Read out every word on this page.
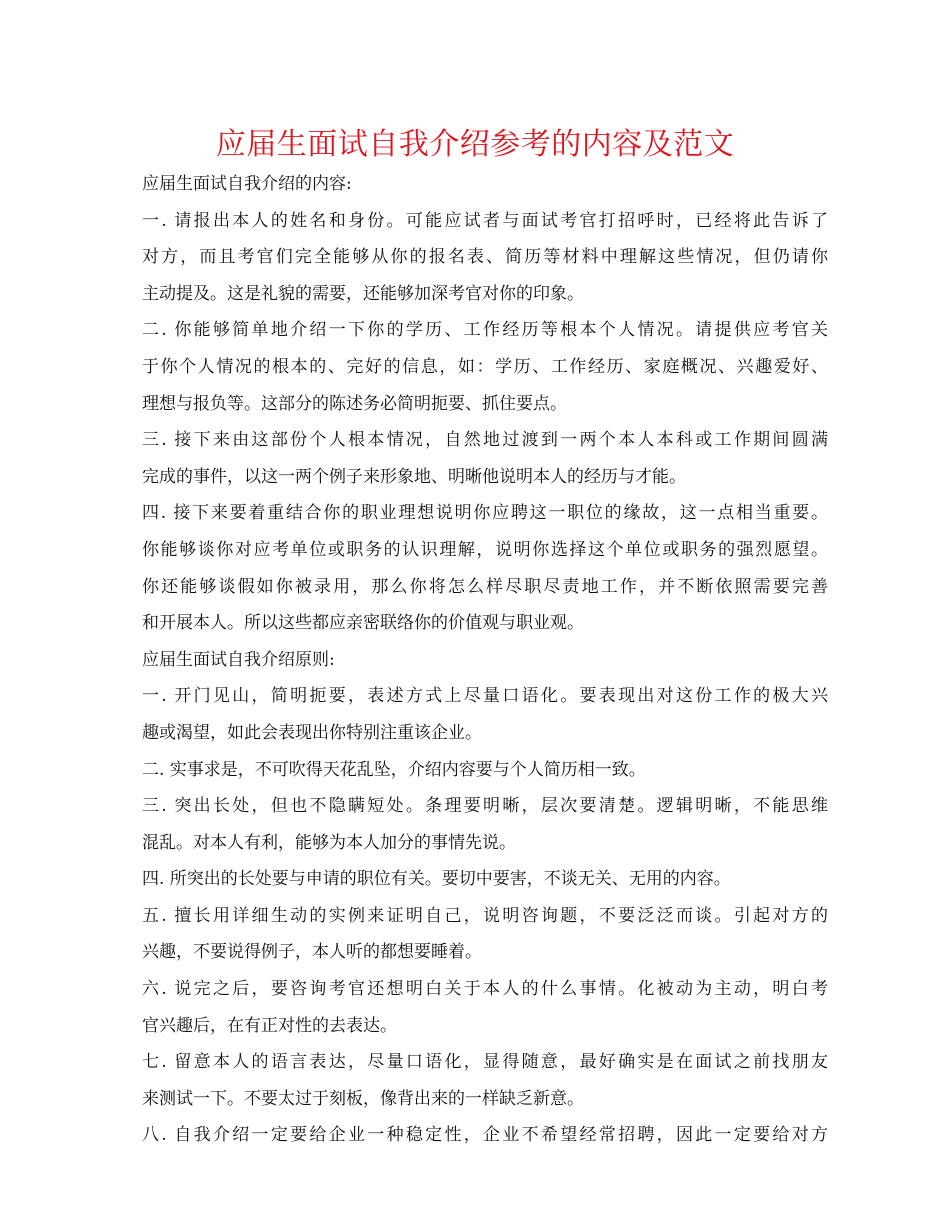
应届生面试自我介绍参考的内容及范文
应届生面试自我介绍的内容:
一. 请报出本人的姓名和身份。可能应试者与面试考官打招呼时，已经将此告诉了
对方，而且考官们完全能够从你的报名表、简历等材料中理解这些情况，但仍请你
主动提及。这是礼貌的需要，还能够加深考官对你的印象。
二. 你能够简单地介绍一下你的学历、工作经历等根本个人情况。请提供应考官关
于你个人情况的根本的、完好的信息，如：学历、工作经历、家庭概况、兴趣爱好、
理想与报负等。这部分的陈述务必简明扼要、抓住要点。
三. 接下来由这部份个人根本情况，自然地过渡到一两个本人本科或工作期间圆满
完成的事件，以这一两个例子来形象地、明晰他说明本人的经历与才能。
四. 接下来要着重结合你的职业理想说明你应聘这一职位的缘故，这一点相当重要。
你能够谈你对应考单位或职务的认识理解，说明你选择这个单位或职务的强烈愿望。
你还能够谈假如你被录用，那么你将怎么样尽职尽责地工作，并不断依照需要完善
和开展本人。所以这些都应亲密联络你的价值观与职业观。
应届生面试自我介绍原则:
一. 开门见山，简明扼要，表述方式上尽量口语化。要表现出对这份工作的极大兴
趣或渴望，如此会表现出你特别注重该企业。
二. 实事求是，不可吹得天花乱坠，介绍内容要与个人简历相一致。
三. 突出长处，但也不隐瞒短处。条理要明晰，层次要清楚。逻辑明晰，不能思维
混乱。对本人有利，能够为本人加分的事情先说。
四. 所突出的长处要与申请的职位有关。要切中要害，不谈无关、无用的内容。
五. 擅长用详细生动的实例来证明自己，说明咨询题，不要泛泛而谈。引起对方的
兴趣，不要说得例子，本人听的都想要睡着。
六. 说完之后，要咨询考官还想明白关于本人的什么事情。化被动为主动，明白考
官兴趣后，在有正对性的去表达。
七. 留意本人的语言表达，尽量口语化，显得随意，最好确实是在面试之前找朋友
来测试一下。不要太过于刻板，像背出来的一样缺乏新意。
八. 自我介绍一定要给企业一种稳定性，企业不希望经常招聘，因此一定要给对方
